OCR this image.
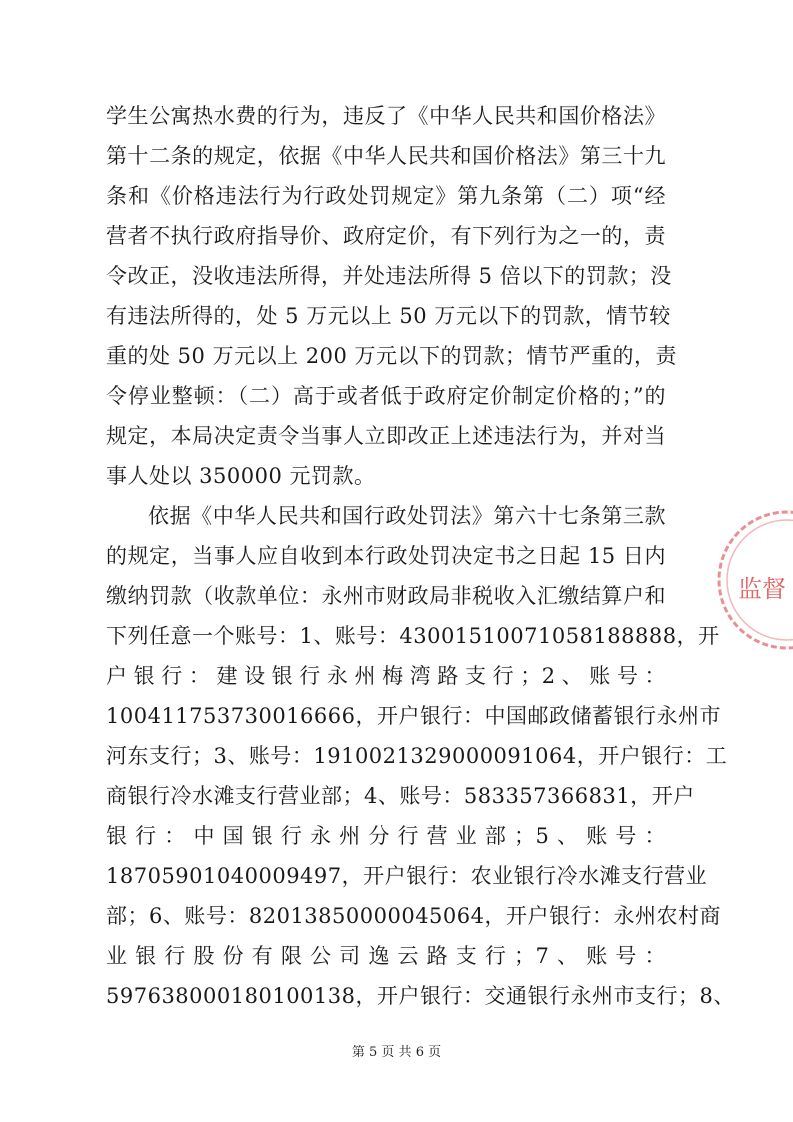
学生公寓热水费的行为，违反了《中华人民共和国价格法》
第十二条的规定，依据《中华人民共和国价格法》第三十九
条和《价格违法行为行政处罚规定》第九条第（二）项“经
营者不执行政府指导价、政府定价，有下列行为之一的，责
令改正，没收违法所得，并处违法所得 5 倍以下的罚款；没
有违法所得的，处 5 万元以上 50 万元以下的罚款，情节较
重的处 50 万元以上 200 万元以下的罚款；情节严重的，责
令停业整顿：（二）高于或者低于政府定价制定价格的；”的
规定，本局决定责令当事人立即改正上述违法行为，并对当
事人处以 350000 元罚款。
依据《中华人民共和国行政处罚法》第六十七条第三款
的规定，当事人应自收到本行政处罚决定书之日起 15 日内
缴纳罚款（收款单位：永州市财政局非税收入汇缴结算户和
下列任意一个账号：1、账号：43001510071058188888，开
户银行：建设银行永州梅湾路支行；2、账号：
100411753730016666，开户银行：中国邮政储蓄银行永州市
河东支行；3、账号：1910021329000091064，开户银行：工
商银行冷水滩支行营业部；4、账号：583357366831，开户
银行：中国银行永州分行营业部；5、账号：
18705901040009497，开户银行：农业银行冷水滩支行营业
部；6、账号：82013850000045064，开户银行：永州农村商
业银行股份有限公司逸云路支行；7、账号：
597638000180100138，开户银行：交通银行永州市支行；8、
监督
第 5 页 共 6 页
